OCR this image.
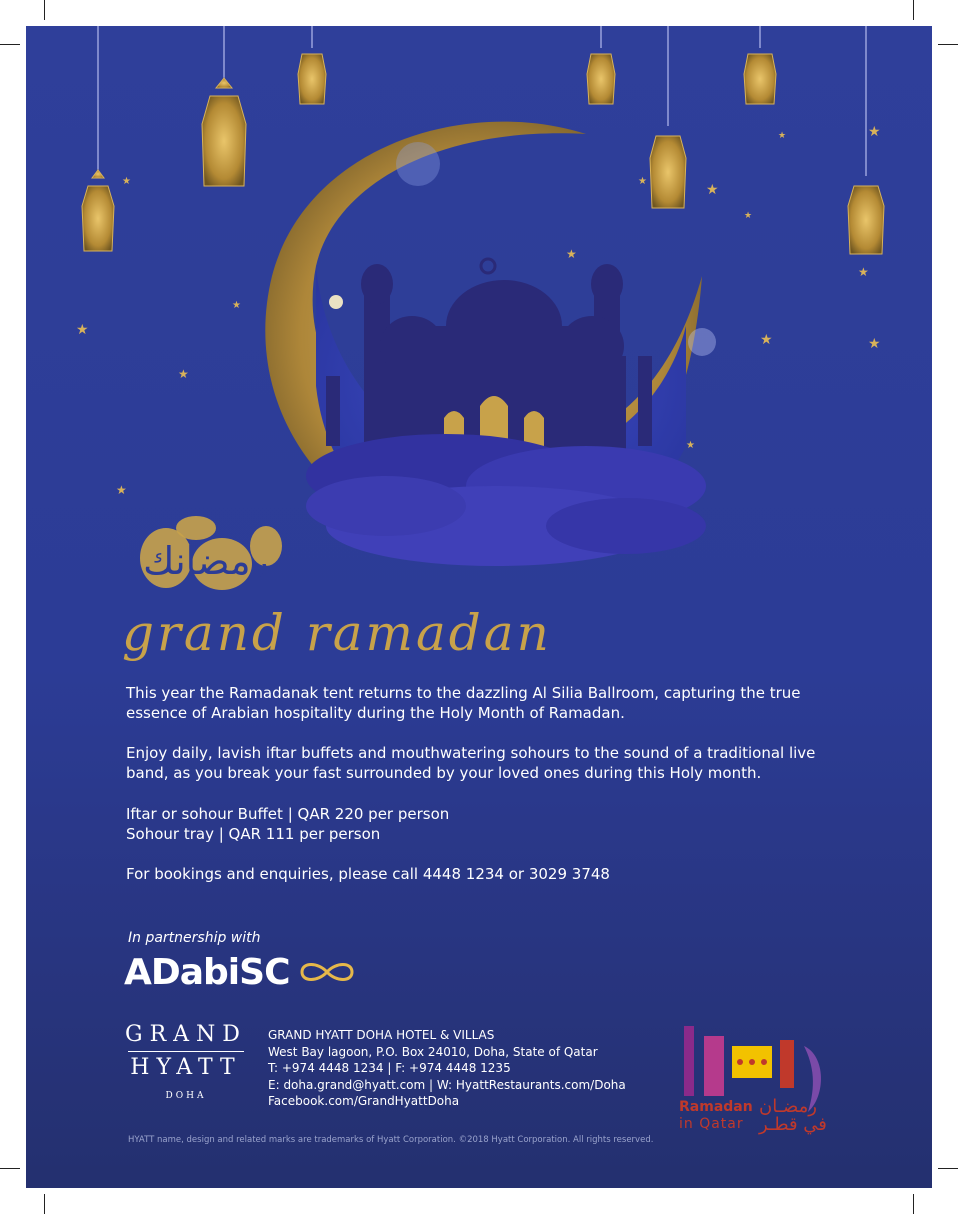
★
★
★
★
★
★
★	★
★
★
★
★
★
★
★
رمضانك
grand ramadan
This year the Ramadanak tent returns to the dazzling Al Silia Ballroom, capturing the true essence of Arabian hospitality during the Holy Month of Ramadan.
Enjoy daily, lavish iftar buffets and mouthwatering sohours to the sound of a traditional live band, as you break your fast surrounded by your loved ones during this Holy month.
Iftar or sohour Buffet | QAR 220 per person
Sohour tray | QAR 111 per person
For bookings and enquiries, please call 4448 1234 or 3029 3748
In partnership with
ADabiSC
GRAND
HYATT
DOHA
GRAND HYATT DOHA HOTEL & VILLAS
West Bay lagoon, P.O. Box 24010, Doha, State of Qatar
T: +974 4448 1234 | F: +974 4448 1235
E: doha.grand@hyatt.com | W: HyattRestaurants.com/Doha
Facebook.com/GrandHyattDoha	Ramadan
in Qatar
رمضـان
في قطـر
HYATT name, design and related marks are trademarks of Hyatt Corporation. ©2018 Hyatt Corporation. All rights reserved.
